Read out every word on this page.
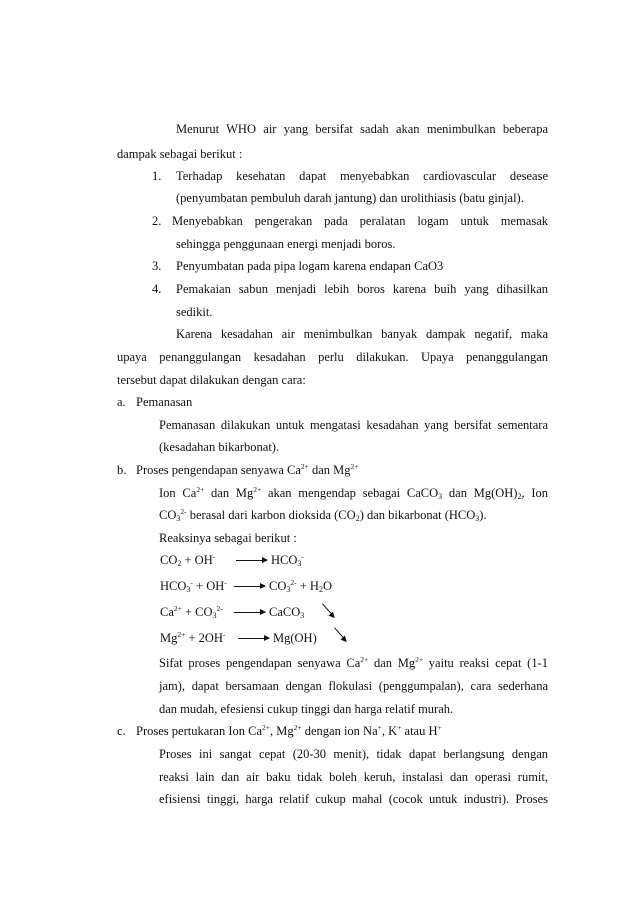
Menurut WHO air yang bersifat sadah akan menimbulkan beberapa
dampak sebagai berikut :
1. Terhadap kesehatan dapat menyebabkan cardiovascular desease
(penyumbatan pembuluh darah jantung) dan urolithiasis (batu ginjal).
2. Menyebabkan pengerakan pada peralatan logam untuk memasak
sehingga penggunaan energi menjadi boros.
3. Penyumbatan pada pipa logam karena endapan CaO3
4. Pemakaian sabun menjadi lebih boros karena buih yang dihasilkan
sedikit.
Karena kesadahan air menimbulkan banyak dampak negatif, maka
upaya penanggulangan kesadahan perlu dilakukan. Upaya penanggulangan
tersebut dapat dilakukan dengan cara:
a. Pemanasan
Pemanasan dilakukan untuk mengatasi kesadahan yang bersifat sementara
(kesadahan bikarbonat).
b. Proses pengendapan senyawa $Ca^{2+}$ dan $Mg^{2+}$
Ion $Ca^{2+}$ dan $Mg^{2+}$ akan mengendap sebagai CaCO$_3$ dan $Mg(OH)_2$, Ion
$CO_3^{2-}$ berasal dari karbon dioksida $(CO_2)$ dan bikarbonat $(HCO_3)$.
Reaksinya sebagai berikut :
$CO_2 + OH^- \to HCO_3^-$
$HCO_3^- + OH^- \to CO_3^{2-} + H_2O$
$Ca^{2+} + CO_3^{2-}$ → CaCO$_3$
$Mg^{2+} + 2OH^- \to Mg(OH)$
Sifat proses pengendapan senyawa $Ca^{2+}$ dan $Mg^{2+}$ yaitu reaksi cepat (1-1
jam), dapat bersamaan dengan flokulasi (penggumpalan), cara sederhana
dan mudah, efesiensi cukup tinggi dan harga relatif murah.
c. Proses pertukaran Ion $Ca^{2+}$, $Mg^{2+}$ dengan ion Na+, K+ atau H+
Proses ini sangat cepat (20-30 menit), tidak dapat berlangsung dengan
reaksi lain dan air baku tidak boleh keruh, instalasi dan operasi rumit,
efisiensi tinggi, harga relatif cukup mahal (cocok untuk industri). Proses
